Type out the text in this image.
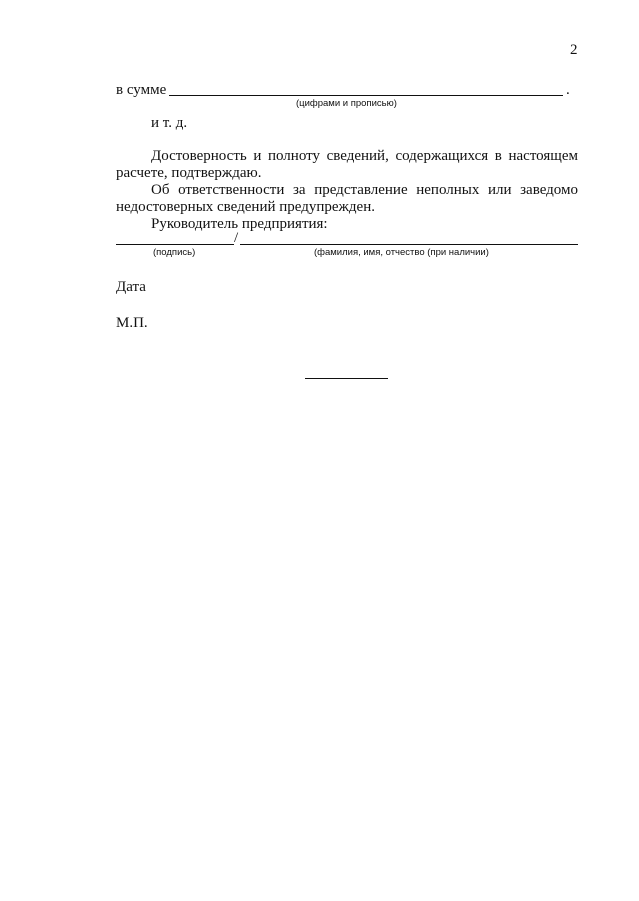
2
в сумме	.
(цифрами и прописью)
и т. д.
Достоверность и полноту сведений, содержащихся в настоящем
расчете, подтверждаю.
Об ответственности за представление неполных или заведомо
недостоверных сведений предупрежден.
Руководитель предприятия:
/
(подпись)	(фамилия, имя, отчество (при наличии)
Дата
М.П.
